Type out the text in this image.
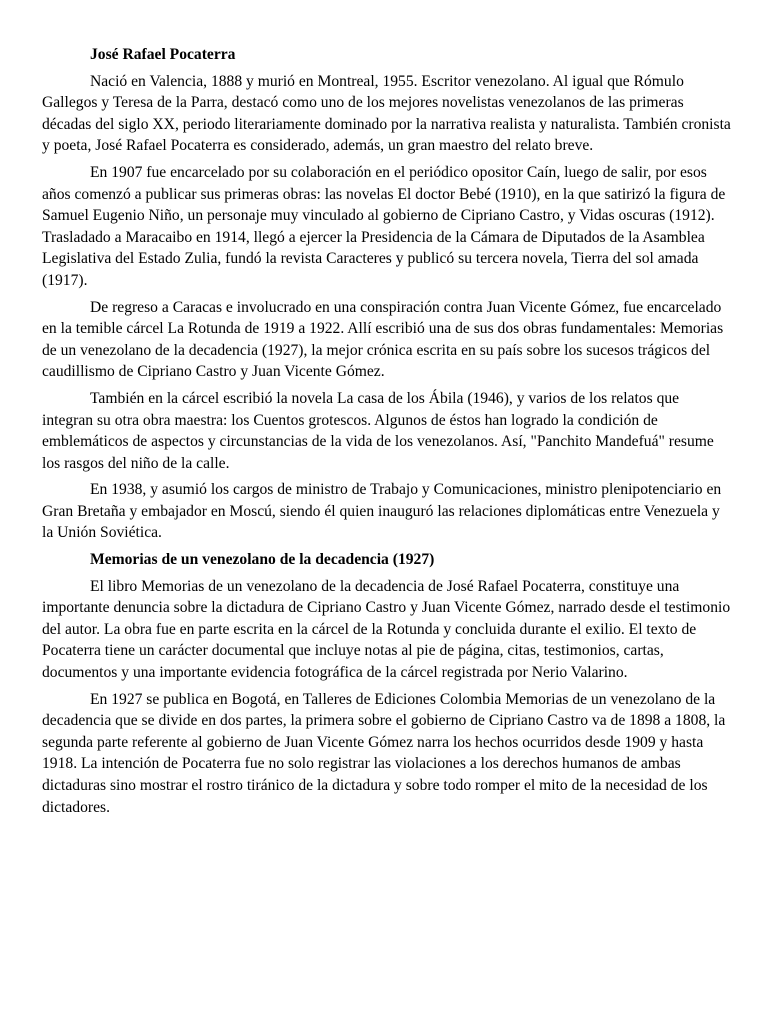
José Rafael Pocaterra
Nació en Valencia, 1888 y murió en Montreal, 1955. Escritor venezolano. Al igual que Rómulo Gallegos y Teresa de la Parra, destacó como uno de los mejores novelistas venezolanos de las primeras décadas del siglo XX, periodo literariamente dominado por la narrativa realista y naturalista. También cronista y poeta, José Rafael Pocaterra es considerado, además, un gran maestro del relato breve.
En 1907 fue encarcelado por su colaboración en el periódico opositor Caín, luego de salir, por esos años comenzó a publicar sus primeras obras: las novelas El doctor Bebé (1910), en la que satirizó la figura de Samuel Eugenio Niño, un personaje muy vinculado al gobierno de Cipriano Castro, y Vidas oscuras (1912). Trasladado a Maracaibo en 1914, llegó a ejercer la Presidencia de la Cámara de Diputados de la Asamblea Legislativa del Estado Zulia, fundó la revista Caracteres y publicó su tercera novela, Tierra del sol amada (1917).
De regreso a Caracas e involucrado en una conspiración contra Juan Vicente Gómez, fue encarcelado en la temible cárcel La Rotunda de 1919 a 1922. Allí escribió una de sus dos obras fundamentales: Memorias de un venezolano de la decadencia (1927), la mejor crónica escrita en su país sobre los sucesos trágicos del caudillismo de Cipriano Castro y Juan Vicente Gómez.
También en la cárcel escribió la novela La casa de los Ábila (1946), y varios de los relatos que integran su otra obra maestra: los Cuentos grotescos. Algunos de éstos han logrado la condición de emblemáticos de aspectos y circunstancias de la vida de los venezolanos. Así, "Panchito Mandefuá" resume los rasgos del niño de la calle.
En 1938, y asumió los cargos de ministro de Trabajo y Comunicaciones, ministro plenipotenciario en Gran Bretaña y embajador en Moscú, siendo él quien inauguró las relaciones diplomáticas entre Venezuela y la Unión Soviética.
Memorias de un venezolano de la decadencia (1927)
El libro Memorias de un venezolano de la decadencia de José Rafael Pocaterra, constituye una importante denuncia sobre la dictadura de Cipriano Castro y Juan Vicente Gómez, narrado desde el testimonio del autor. La obra fue en parte escrita en la cárcel de la Rotunda y concluida durante el exilio. El texto de Pocaterra tiene un carácter documental que incluye notas al pie de página, citas, testimonios, cartas, documentos y una importante evidencia fotográfica de la cárcel registrada por Nerio Valarino.
En 1927 se publica en Bogotá, en Talleres de Ediciones Colombia Memorias de un venezolano de la decadencia que se divide en dos partes, la primera sobre el gobierno de Cipriano Castro va de 1898 a 1808, la segunda parte referente al gobierno de Juan Vicente Gómez narra los hechos ocurridos desde 1909 y hasta 1918. La intención de Pocaterra fue no solo registrar las violaciones a los derechos humanos de ambas dictaduras sino mostrar el rostro tiránico de la dictadura y sobre todo romper el mito de la necesidad de los dictadores.
